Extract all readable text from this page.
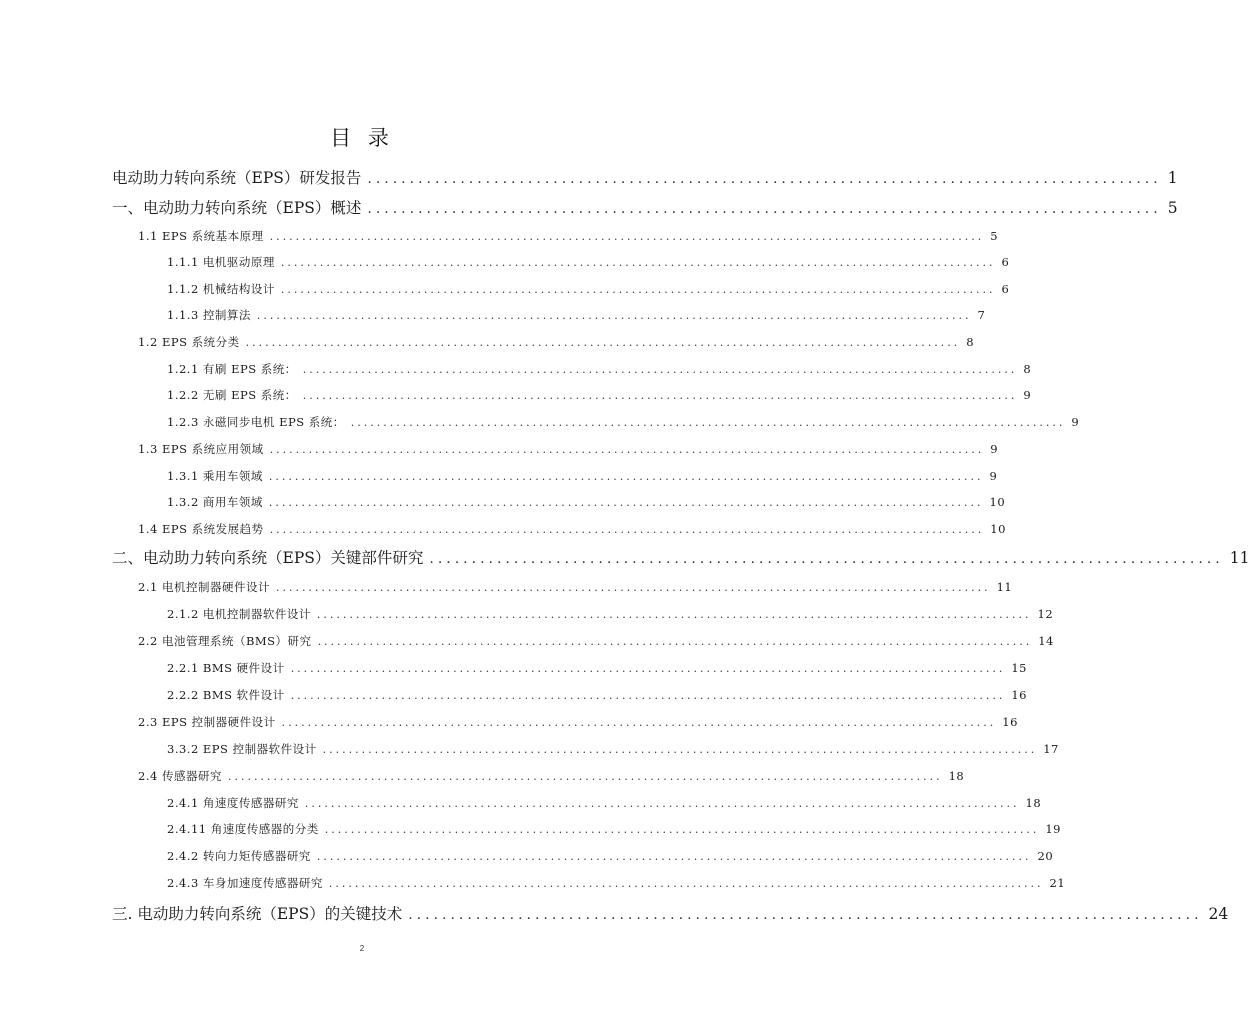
目 录
电动助力转向系统（EPS）研发报告 .............................................................................................. 1
一、电动助力转向系统（EPS）概述 .............................................................................................. 5
1.1 EPS 系统基本原理 .............................................................................................................. 5
1.1.1 电机驱动原理 .............................................................................................................. 6
1.1.2 机械结构设计 .............................................................................................................. 6
1.1.3 控制算法 .............................................................................................................. 7
1.2 EPS 系统分类 .............................................................................................................. 8
1.2.1 有刷 EPS 系统： .............................................................................................................. 8
1.2.2 无刷 EPS 系统： .............................................................................................................. 9
1.2.3 永磁同步电机 EPS 系统： .............................................................................................................. 9
1.3 EPS 系统应用领域 .............................................................................................................. 9
1.3.1 乘用车领域 .............................................................................................................. 9
1.3.2 商用车领域 .............................................................................................................. 10
1.4 EPS 系统发展趋势 .............................................................................................................. 10
二、电动助力转向系统（EPS）关键部件研究 .............................................................................................. 11
2.1 电机控制器硬件设计 .............................................................................................................. 11
2.1.2 电机控制器软件设计 .............................................................................................................. 12
2.2 电池管理系统（BMS）研究 .............................................................................................................. 14
2.2.1 BMS 硬件设计 .............................................................................................................. 15
2.2.2 BMS 软件设计 .............................................................................................................. 16
2.3 EPS 控制器硬件设计 .............................................................................................................. 16
3.3.2 EPS 控制器软件设计 .............................................................................................................. 17
2.4 传感器研究 .............................................................................................................. 18
2.4.1 角速度传感器研究 .............................................................................................................. 18
2.4.11 角速度传感器的分类 .............................................................................................................. 19
2.4.2 转向力矩传感器研究 .............................................................................................................. 20
2.4.3 车身加速度传感器研究 .............................................................................................................. 21
三. 电动助力转向系统（EPS）的关键技术 .............................................................................................. 24
2
